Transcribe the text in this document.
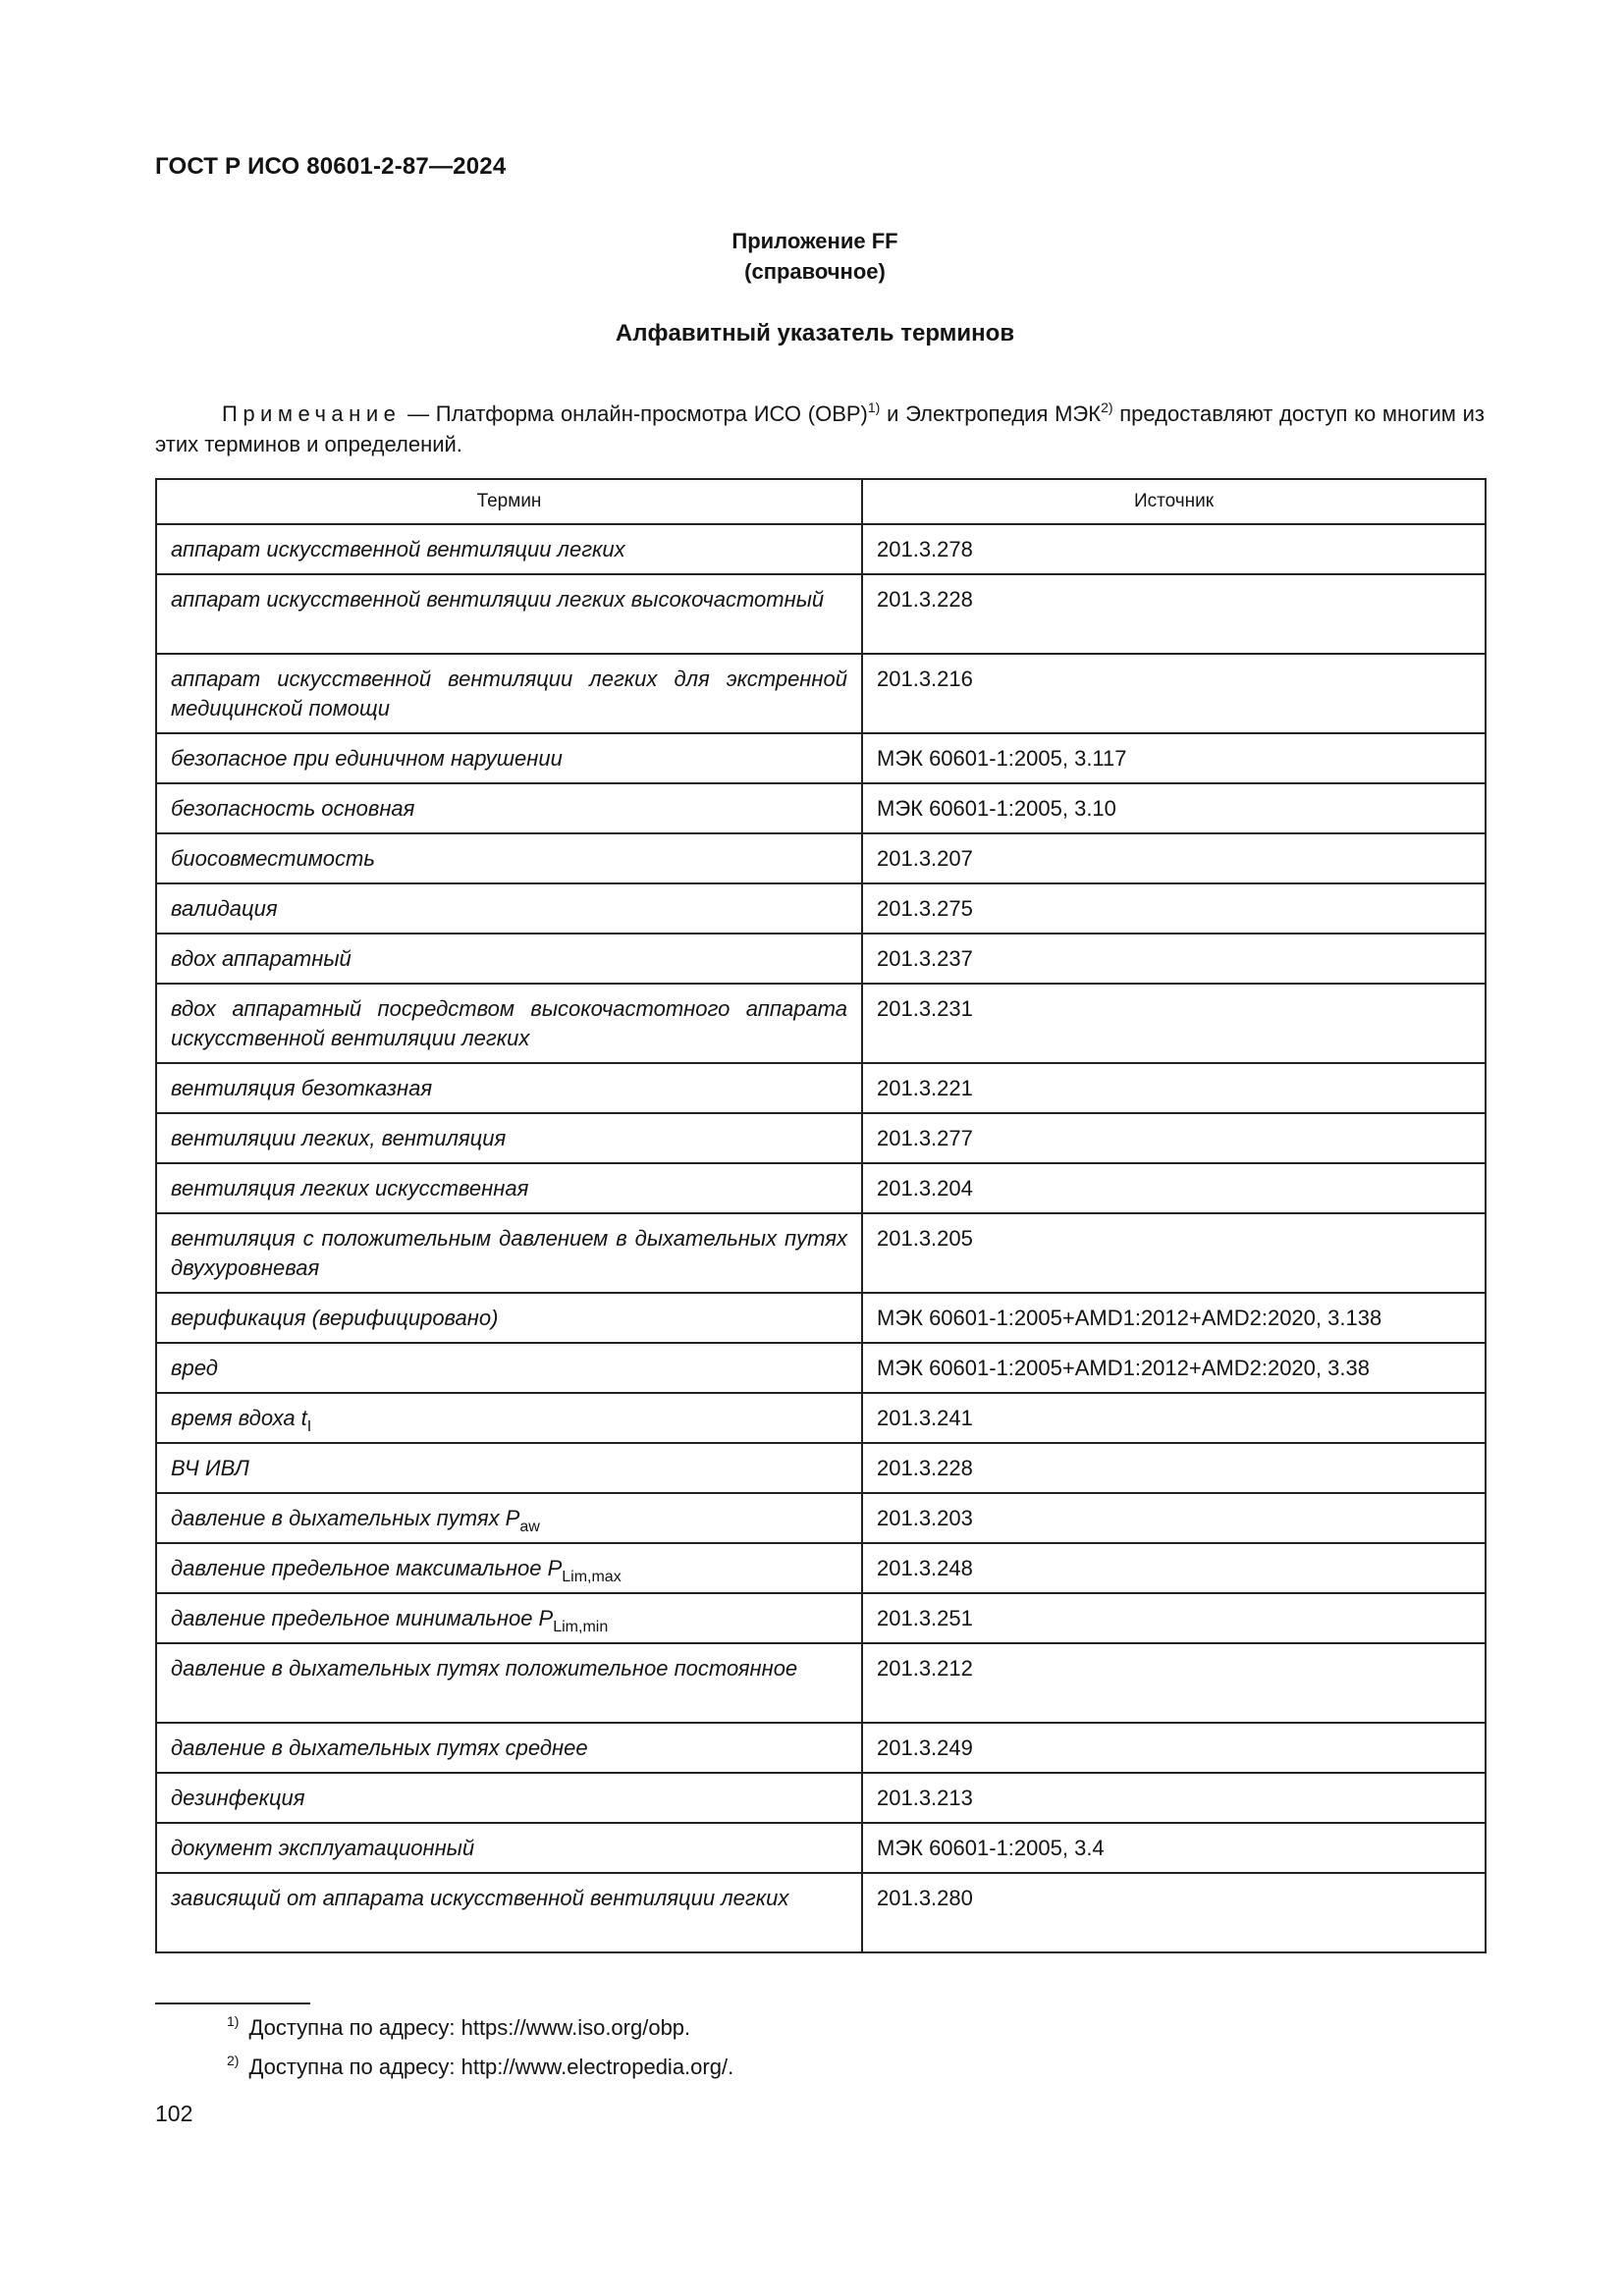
ГОСТ Р ИСО 80601-2-87—2024
Приложение FF
(справочное)
Алфавитный указатель терминов
Примечание — Платформа онлайн-просмотра ИСО (OBP)$^{1)}$ и Электропедия МЭК$^{2)}$ предоставляют доступ ко многим из этих терминов и определений.
Термин	Источник
аппарат искусственной вентиляции легких	201.3.278
аппарат искусственной вентиляции легких высокочастотный	201.3.228
аппарат искусственной вентиляции легких для экстренной медицинской помощи	201.3.216
безопасное при единичном нарушении	МЭК 60601-1:2005, 3.117
безопасность основная	МЭК 60601-1:2005, 3.10
биосовместимость	201.3.207
валидация	201.3.275
вдох аппаратный	201.3.237
вдох аппаратный посредством высокочастотного аппарата искусственной вентиляции легких	201.3.231
вентиляция безотказная	201.3.221
вентиляции легких, вентиляция	201.3.277
вентиляция легких искусственная	201.3.204
вентиляция с положительным давлением в дыхательных путях двухуровневая	201.3.205
верификация (верифицировано)	МЭК 60601-1:2005+AMD1:2012+AMD2:2020, 3.138
вред	МЭК 60601-1:2005+AMD1:2012+AMD2:2020, 3.38
время вдоха $t_I$	201.3.241
ВЧ ИВЛ	201.3.228
давление в дыхательных путях $P_{aw}$	201.3.203
давление предельное максимальное $P_{Lim,max}$	201.3.248
давление предельное минимальное $P_{Lim,min}$	201.3.251
давление в дыхательных путях положительное постоянное	201.3.212
давление в дыхательных путях среднее	201.3.249
дезинфекция	201.3.213
документ эксплуатационный	МЭК 60601-1:2005, 3.4
зависящий от аппарата искусственной вентиляции легких	201.3.280
$^{1)}$ Доступна по адресу: https://www.iso.org/obp.
$^{2)}$ Доступна по адресу: http://www.electropedia.org/.
102
